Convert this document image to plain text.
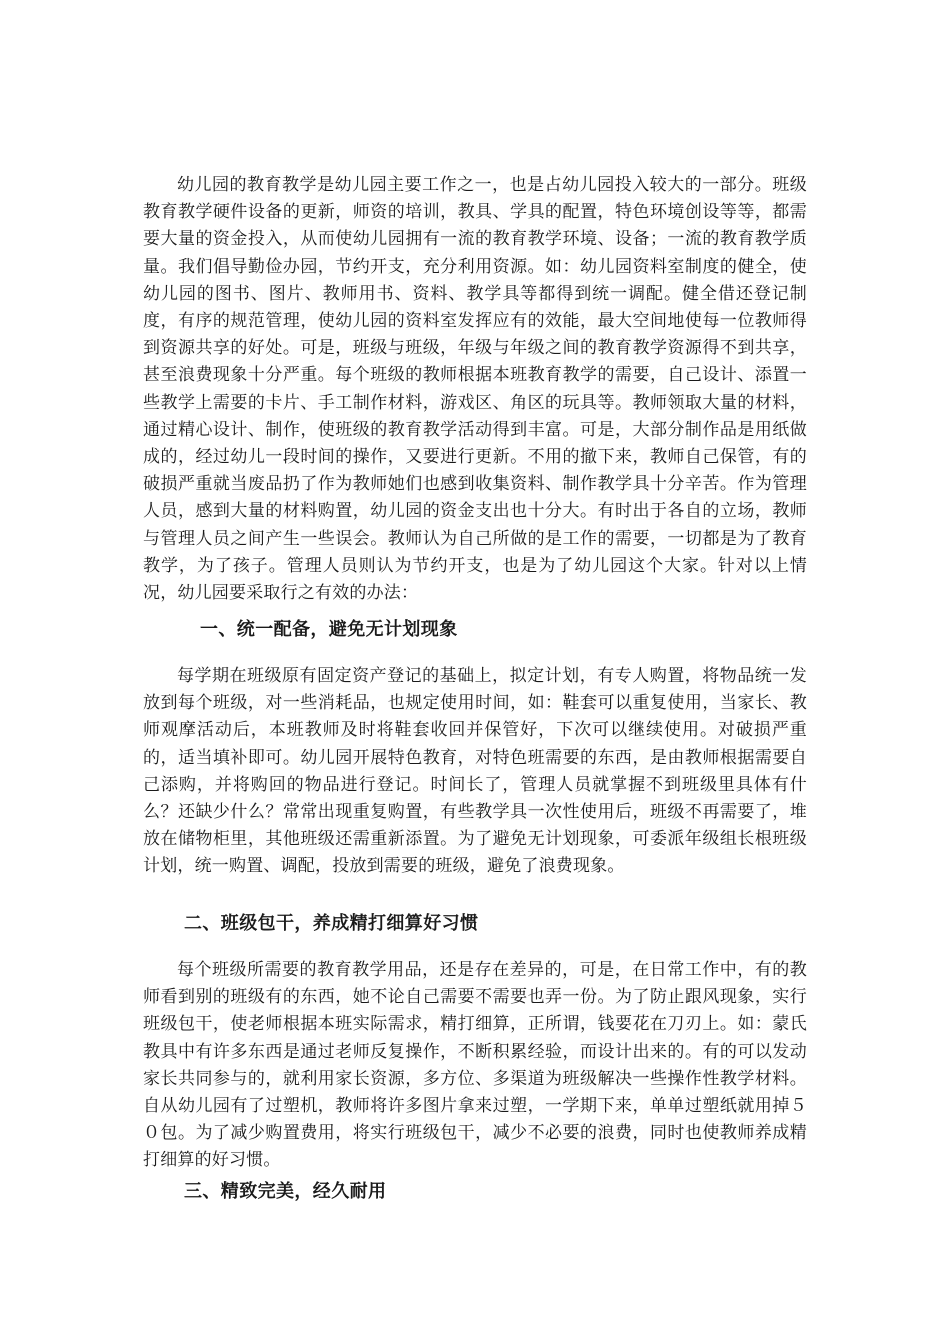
幼儿园的教育教学是幼儿园主要工作之一，也是占幼儿园投入较大的一部分。班级教育教学硬件设备的更新，师资的培训，教具、学具的配置，特色环境创设等等，都需要大量的资金投入，从而使幼儿园拥有一流的教育教学环境、设备；一流的教育教学质量。我们倡导勤俭办园，节约开支，充分利用资源。如：幼儿园资料室制度的健全，使幼儿园的图书、图片、教师用书、资料、教学具等都得到统一调配。健全借还登记制度，有序的规范管理，使幼儿园的资料室发挥应有的效能，最大空间地使每一位教师得到资源共享的好处。可是，班级与班级，年级与年级之间的教育教学资源得不到共享，甚至浪费现象十分严重。每个班级的教师根据本班教育教学的需要，自己设计、添置一些教学上需要的卡片、手工制作材料，游戏区、角区的玩具等。教师领取大量的材料，通过精心设计、制作，使班级的教育教学活动得到丰富。可是，大部分制作品是用纸做成的，经过幼儿一段时间的操作，又要进行更新。不用的撤下来，教师自己保管，有的破损严重就当废品扔了作为教师她们也感到收集资料、制作教学具十分辛苦。作为管理人员，感到大量的材料购置，幼儿园的资金支出也十分大。有时出于各自的立场，教师与管理人员之间产生一些误会。教师认为自己所做的是工作的需要，一切都是为了教育教学，为了孩子。管理人员则认为节约开支，也是为了幼儿园这个大家。针对以上情况，幼儿园要采取行之有效的办法：

一、统一配备，避免无计划现象

每学期在班级原有固定资产登记的基础上，拟定计划，有专人购置，将物品统一发放到每个班级，对一些消耗品，也规定使用时间，如：鞋套可以重复使用，当家长、教师观摩活动后，本班教师及时将鞋套收回并保管好，下次可以继续使用。对破损严重的，适当填补即可。幼儿园开展特色教育，对特色班需要的东西，是由教师根据需要自己添购，并将购回的物品进行登记。时间长了，管理人员就掌握不到班级里具体有什么？还缺少什么？常常出现重复购置，有些教学具一次性使用后，班级不再需要了，堆放在储物柜里，其他班级还需重新添置。为了避免无计划现象，可委派年级组长根班级计划，统一购置、调配，投放到需要的班级，避免了浪费现象。

二、班级包干，养成精打细算好习惯

每个班级所需要的教育教学用品，还是存在差异的，可是，在日常工作中，有的教师看到别的班级有的东西，她不论自己需要不需要也弄一份。为了防止跟风现象，实行班级包干，使老师根据本班实际需求，精打细算，正所谓，钱要花在刀刃上。如：蒙氏教具中有许多东西是通过老师反复操作，不断积累经验，而设计出来的。有的可以发动家长共同参与的，就利用家长资源，多方位、多渠道为班级解决一些操作性教学材料。自从幼儿园有了过塑机，教师将许多图片拿来过塑，一学期下来，单单过塑纸就用掉５０包。为了减少购置费用，将实行班级包干，减少不必要的浪费，同时也使教师养成精打细算的好习惯。

三、精致完美，经久耐用
